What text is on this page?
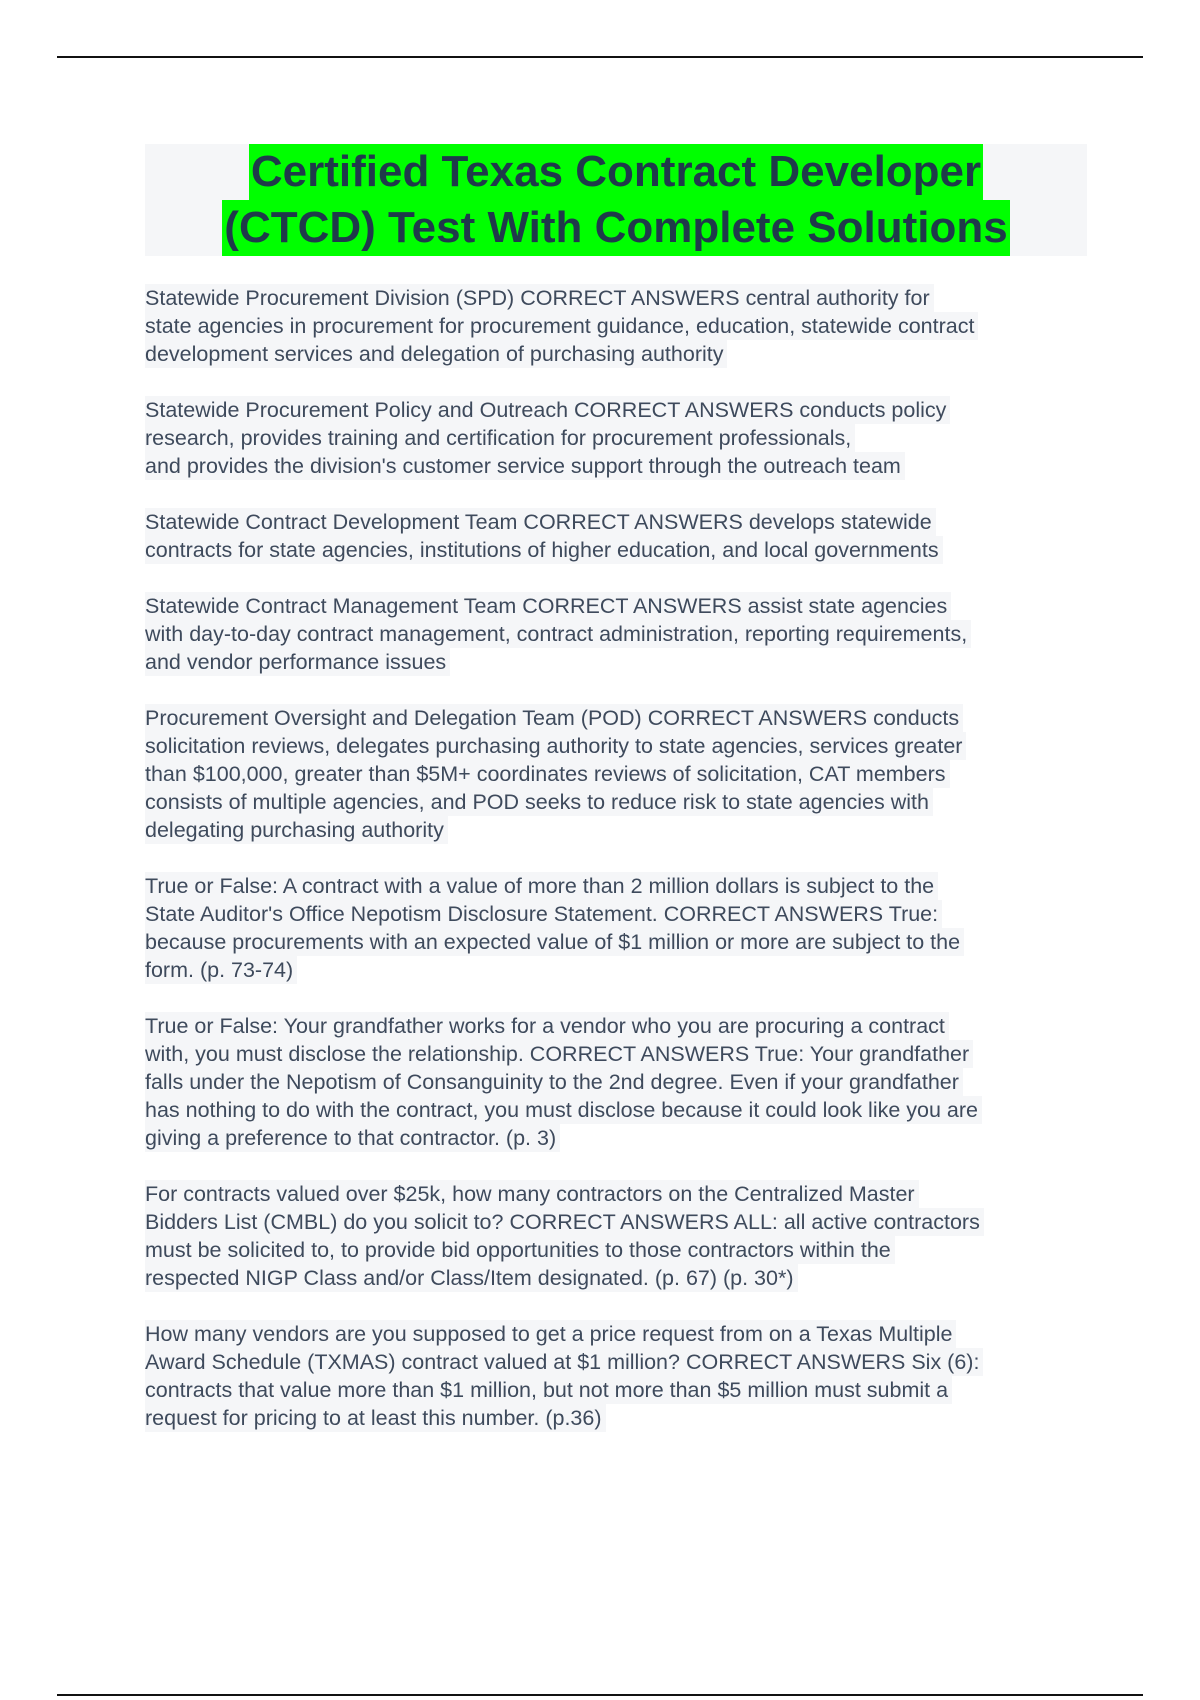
Certified Texas Contract Developer
(CTCD) Test With Complete Solutions
Statewide Procurement Division (SPD) CORRECT ANSWERS central authority for
state agencies in procurement for procurement guidance, education, statewide contract
development services and delegation of purchasing authority
Statewide Procurement Policy and Outreach CORRECT ANSWERS conducts policy
research, provides training and certification for procurement professionals,
and provides the division's customer service support through the outreach team
Statewide Contract Development Team CORRECT ANSWERS develops statewide
contracts for state agencies, institutions of higher education, and local governments
Statewide Contract Management Team CORRECT ANSWERS assist state agencies
with day-to-day contract management, contract administration, reporting requirements,
and vendor performance issues
Procurement Oversight and Delegation Team (POD) CORRECT ANSWERS conducts
solicitation reviews, delegates purchasing authority to state agencies, services greater
than $100,000, greater than $5M+ coordinates reviews of solicitation, CAT members
consists of multiple agencies, and POD seeks to reduce risk to state agencies with
delegating purchasing authority
True or False: A contract with a value of more than 2 million dollars is subject to the
State Auditor's Office Nepotism Disclosure Statement. CORRECT ANSWERS True:
because procurements with an expected value of $1 million or more are subject to the
form. (p. 73-74)
True or False: Your grandfather works for a vendor who you are procuring a contract
with, you must disclose the relationship. CORRECT ANSWERS True: Your grandfather
falls under the Nepotism of Consanguinity to the 2nd degree. Even if your grandfather
has nothing to do with the contract, you must disclose because it could look like you are
giving a preference to that contractor. (p. 3)
For contracts valued over $25k, how many contractors on the Centralized Master
Bidders List (CMBL) do you solicit to? CORRECT ANSWERS ALL: all active contractors
must be solicited to, to provide bid opportunities to those contractors within the
respected NIGP Class and/or Class/Item designated. (p. 67) (p. 30*)
How many vendors are you supposed to get a price request from on a Texas Multiple
Award Schedule (TXMAS) contract valued at $1 million? CORRECT ANSWERS Six (6):
contracts that value more than $1 million, but not more than $5 million must submit a
request for pricing to at least this number. (p.36)
